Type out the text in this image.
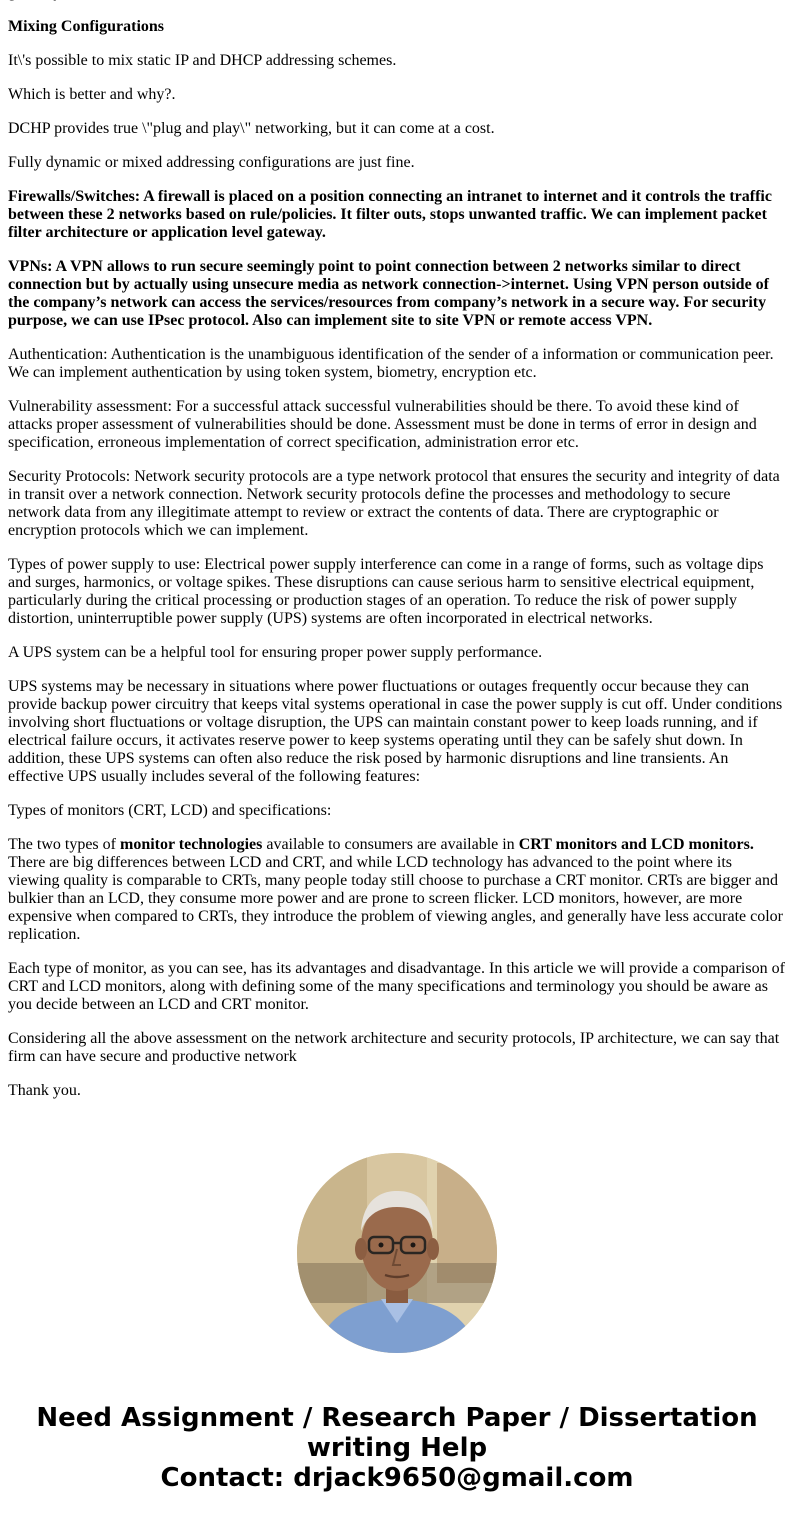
Mixing Configurations

It\'s possible to mix static IP and DHCP addressing schemes.

Which is better and why?.

DCHP provides true \"plug and play\" networking, but it can come at a cost.

Fully dynamic or mixed addressing configurations are just fine.

Firewalls/Switches: A firewall is placed on a position connecting an intranet to internet and it controls the traffic between these 2 networks based on rule/policies. It filter outs, stops unwanted traffic. We can implement packet filter architecture or application level gateway.

VPNs: A VPN allows to run secure seemingly point to point connection between 2 networks similar to direct connection but by actually using unsecure media as network connection->internet. Using VPN person outside of the company’s network can access the services/resources from company’s network in a secure way. For security purpose, we can use IPsec protocol. Also can implement site to site VPN or remote access VPN.

Authentication: Authentication is the unambiguous identification of the sender of a information or communication peer. We can implement authentication by using token system, biometry, encryption etc.

Vulnerability assessment: For a successful attack successful vulnerabilities should be there. To avoid these kind of attacks proper assessment of vulnerabilities should be done. Assessment must be done in terms of error in design and specification, erroneous implementation of correct specification, administration error etc.

Security Protocols: Network security protocols are a type network protocol that ensures the security and integrity of data in transit over a network connection. Network security protocols define the processes and methodology to secure network data from any illegitimate attempt to review or extract the contents of data. There are cryptographic or encryption protocols which we can implement.

Types of power supply to use: Electrical power supply interference can come in a range of forms, such as voltage dips and surges, harmonics, or voltage spikes. These disruptions can cause serious harm to sensitive electrical equipment, particularly during the critical processing or production stages of an operation. To reduce the risk of power supply distortion, uninterruptible power supply (UPS) systems are often incorporated in electrical networks.

A UPS system can be a helpful tool for ensuring proper power supply performance.

UPS systems may be necessary in situations where power fluctuations or outages frequently occur because they can provide backup power circuitry that keeps vital systems operational in case the power supply is cut off. Under conditions involving short fluctuations or voltage disruption, the UPS can maintain constant power to keep loads running, and if electrical failure occurs, it activates reserve power to keep systems operating until they can be safely shut down. In addition, these UPS systems can often also reduce the risk posed by harmonic disruptions and line transients. An effective UPS usually includes several of the following features:

Types of monitors (CRT, LCD) and specifications:

The two types of monitor technologies available to consumers are available in CRT monitors and LCD monitors. There are big differences between LCD and CRT, and while LCD technology has advanced to the point where its viewing quality is comparable to CRTs, many people today still choose to purchase a CRT monitor. CRTs are bigger and bulkier than an LCD, they consume more power and are prone to screen flicker. LCD monitors, however, are more expensive when compared to CRTs, they introduce the problem of viewing angles, and generally have less accurate color replication.

Each type of monitor, as you can see, has its advantages and disadvantage. In this article we will provide a comparison of CRT and LCD monitors, along with defining some of the many specifications and terminology you should be aware as you decide between an LCD and CRT monitor.

Considering all the above assessment on the network architecture and security protocols, IP architecture, we can say that firm can have secure and productive network

Thank you.

Need Assignment / Research Paper / Dissertation writing Help
Contact: drjack9650@gmail.com
